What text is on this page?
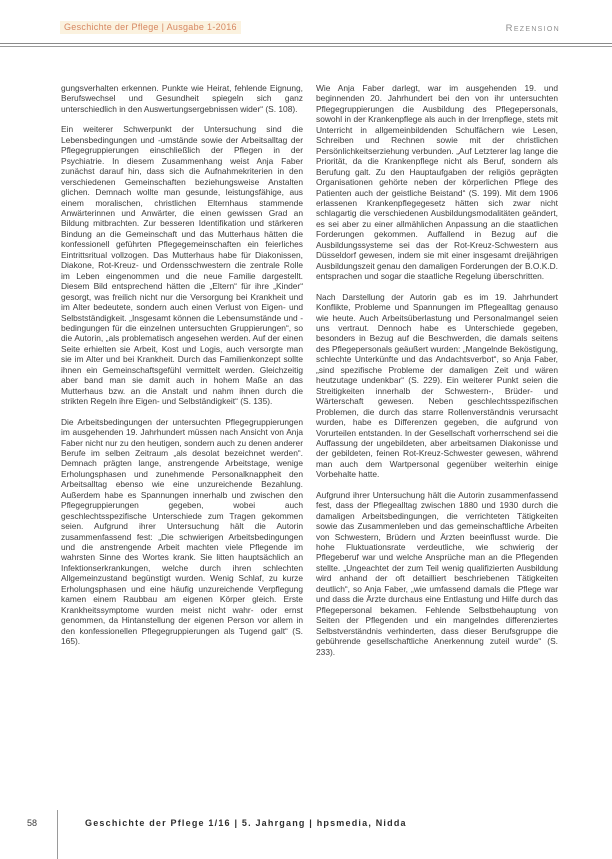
Geschichte der Pflege | Ausgabe 1-2016	Rezension

gungsverhalten erkennen. Punkte wie Heirat, fehlende Eignung, Berufswechsel und Gesundheit spiegeln sich ganz unterschiedlich in den Auswertungsergebnissen wider“ (S. 108).

Ein weiterer Schwerpunkt der Untersuchung sind die Lebensbedingungen und -umstände sowie der Arbeitsalltag der Pflegegruppierungen einschließlich der Pflegen in der Psychiatrie. In diesem Zusammenhang weist Anja Faber zunächst darauf hin, dass sich die Aufnahmekriterien in den verschiedenen Gemeinschaften beziehungsweise Anstalten glichen. Demnach wollte man gesunde, leistungsfähige, aus einem moralischen, christlichen Elternhaus stammende Anwärterinnen und Anwärter, die einen gewissen Grad an Bildung mitbrachten. Zur besseren Identifikation und stärkeren Bindung an die Gemeinschaft und das Mutterhaus hätten die konfessionell geführten Pflegegemeinschaften ein feierliches Eintrittsritual vollzogen. Das Mutterhaus habe für Diakonissen, Diakone, Rot-Kreuz- und Ordensschwestern die zentrale Rolle im Leben eingenommen und die neue Familie dargestellt. Diesem Bild entsprechend hätten die „Eltern“ für ihre „Kinder“ gesorgt, was freilich nicht nur die Versorgung bei Krankheit und im Alter bedeutete, sondern auch einen Verlust von Eigen- und Selbstständigkeit. „Insgesamt können die Lebensumstände und -bedingungen für die einzelnen untersuchten Gruppierungen“, so die Autorin, „als problematisch angesehen werden. Auf der einen Seite erhielten sie Arbeit, Kost und Logis, auch versorgte man sie im Alter und bei Krankheit. Durch das Familienkonzept sollte ihnen ein Gemeinschaftsgefühl vermittelt werden. Gleichzeitig aber band man sie damit auch in hohem Maße an das Mutterhaus bzw. an die Anstalt und nahm ihnen durch die strikten Regeln ihre Eigen- und Selbständigkeit“ (S. 135).

Die Arbeitsbedingungen der untersuchten Pflegegruppierungen im ausgehenden 19. Jahrhundert müssen nach Ansicht von Anja Faber nicht nur zu den heutigen, sondern auch zu denen anderer Berufe im selben Zeitraum „als desolat bezeichnet werden“. Demnach prägten lange, anstrengende Arbeitstage, wenige Erholungsphasen und zunehmende Personalknappheit den Arbeitsalltag ebenso wie eine unzureichende Bezahlung. Außerdem habe es Spannungen innerhalb und zwischen den Pflegegruppierungen gegeben, wobei auch geschlechtsspezifische Unterschiede zum Tragen gekommen seien. Aufgrund ihrer Untersuchung hält die Autorin zusammenfassend fest: „Die schwierigen Arbeitsbedingungen und die anstrengende Arbeit machten viele Pflegende im wahrsten Sinne des Wortes krank. Sie litten hauptsächlich an Infektionserkrankungen, welche durch ihren schlechten Allgemeinzustand begünstigt wurden. Wenig Schlaf, zu kurze Erholungsphasen und eine häufig unzureichende Verpflegung kamen einem Raubbau am eigenen Körper gleich. Erste Krankheitssymptome wurden meist nicht wahr- oder ernst genommen, da Hintanstellung der eigenen Person vor allem in den konfessionellen Pflegegruppierungen als Tugend galt“ (S. 165).

Wie Anja Faber darlegt, war im ausgehenden 19. und beginnenden 20. Jahrhundert bei den von ihr untersuchten Pflegegruppierungen die Ausbildung des Pflegepersonals, sowohl in der Krankenpflege als auch in der Irrenpflege, stets mit Unterricht in allgemeinbildenden Schulfächern wie Lesen, Schreiben und Rechnen sowie mit der christlichen Persönlichkeitserziehung verbunden. „Auf Letzterer lag lange die Priorität, da die Krankenpflege nicht als Beruf, sondern als Berufung galt. Zu den Hauptaufgaben der religiös geprägten Organisationen gehörte neben der körperlichen Pflege des Patienten auch der geistliche Beistand“ (S. 199). Mit dem 1906 erlassenen Krankenpflegegesetz hätten sich zwar nicht schlagartig die verschiedenen Ausbildungsmodalitäten geändert, es sei aber zu einer allmählichen Anpassung an die staatlichen Forderungen gekommen. Auffallend in Bezug auf die Ausbildungssysteme sei das der Rot-Kreuz-Schwestern aus Düsseldorf gewesen, indem sie mit einer insgesamt dreijährigen Ausbildungszeit genau den damaligen Forderungen der B.O.K.D. entsprachen und sogar die staatliche Regelung überschritten.

Nach Darstellung der Autorin gab es im 19. Jahrhundert Konflikte, Probleme und Spannungen im Pflegealltag genauso wie heute. Auch Arbeitsüberlastung und Personalmangel seien uns vertraut. Dennoch habe es Unterschiede gegeben, besonders in Bezug auf die Beschwerden, die damals seitens des Pflegepersonals geäußert wurden: „Mangelnde Beköstigung, schlechte Unterkünfte und das Andachtsverbot“, so Anja Faber, „sind spezifische Probleme der damaligen Zeit und wären heutzutage undenkbar“ (S. 229). Ein weiterer Punkt seien die Streitigkeiten innerhalb der Schwestern-, Brüder- und Wärterschaft gewesen. Neben geschlechtsspezifischen Problemen, die durch das starre Rollenverständnis verursacht wurden, habe es Differenzen gegeben, die aufgrund von Vorurteilen entstanden. In der Gesellschaft vorherrschend sei die Auffassung der ungebildeten, aber arbeitsamen Diakonisse und der gebildeten, feinen Rot-Kreuz-Schwester gewesen, während man auch dem Wartpersonal gegenüber weiterhin einige Vorbehalte hatte.

Aufgrund ihrer Untersuchung hält die Autorin zusammenfassend fest, dass der Pflegealltag zwischen 1880 und 1930 durch die damaligen Arbeitsbedingungen, die verrichteten Tätigkeiten sowie das Zusammenleben und das gemeinschaftliche Arbeiten von Schwestern, Brüdern und Ärzten beeinflusst wurde. Die hohe Fluktuationsrate verdeutliche, wie schwierig der Pflegeberuf war und welche Ansprüche man an die Pflegenden stellte. „Ungeachtet der zum Teil wenig qualifizierten Ausbildung wird anhand der oft detailliert beschriebenen Tätigkeiten deutlich“, so Anja Faber, „wie umfassend damals die Pflege war und dass die Ärzte durchaus eine Entlastung und Hilfe durch das Pflegepersonal bekamen. Fehlende Selbstbehauptung von Seiten der Pflegenden und ein mangelndes differenziertes Selbstverständnis verhinderten, dass dieser Berufsgruppe die gebührende gesellschaftliche Anerkennung zuteil wurde“ (S. 233).

58	Geschichte der Pflege 1/16 | 5. Jahrgang | hpsmedia, Nidda
